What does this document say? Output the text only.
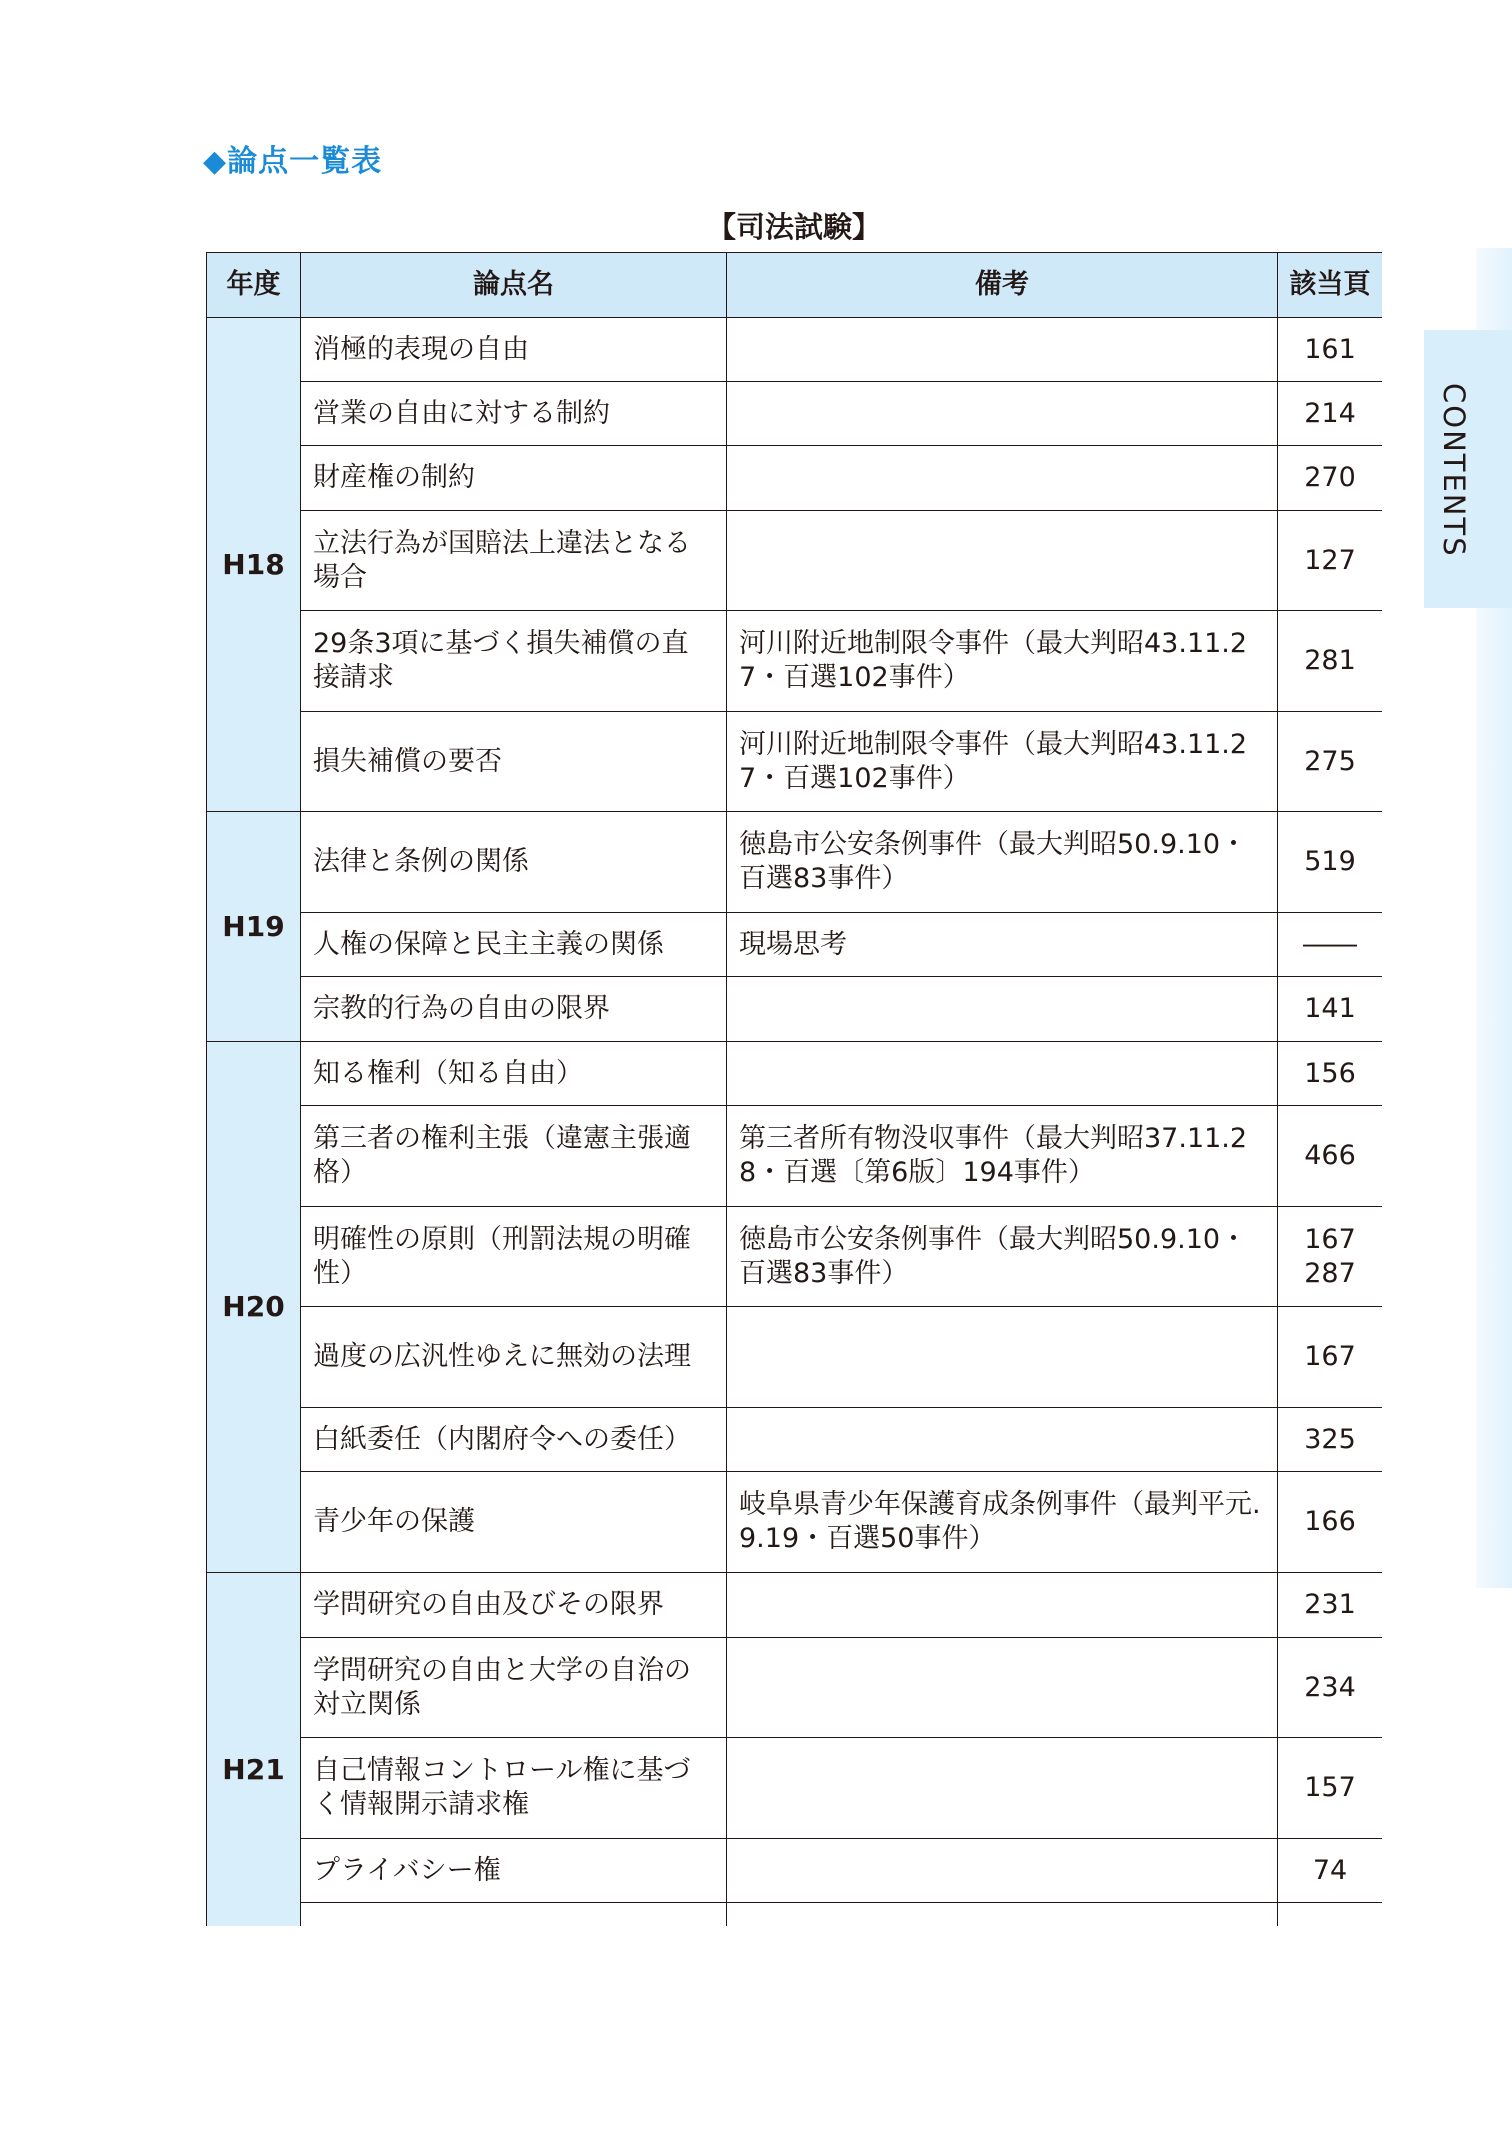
CONTENTS
◆論点一覧表
【司法試験】
年度	論点名	備考	該当頁
H18	消極的表現の自由		161

	営業の自由に対する制約		214

	財産権の制約		270

	立法行為が国賠法上違法となる場合		127

	29条3項に基づく損失補償の直接請求	河川附近地制限令事件（最大判昭43.11.27・百選102事件）	281

	損失補償の要否	河川附近地制限令事件（最大判昭43.11.27・百選102事件）	275

H19	法律と条例の関係	徳島市公安条例事件（最大判昭50.9.10・百選83事件）	519

	人権の保障と民主主義の関係	現場思考	――

	宗教的行為の自由の限界		141

H20	知る権利（知る自由）		156

	第三者の権利主張（違憲主張適格）	第三者所有物没収事件（最大判昭37.11.28・百選〔第6版〕194事件）	466

	明確性の原則（刑罰法規の明確性）	徳島市公安条例事件（最大判昭50.9.10・百選83事件）	167
287

	過度の広汎性ゆえに無効の法理		167

	白紙委任（内閣府令への委任）		325

	青少年の保護	岐阜県青少年保護育成条例事件（最判平元.9.19・百選50事件）	166

H21	学問研究の自由及びその限界		231

	学問研究の自由と大学の自治の対立関係		234

	自己情報コントロール権に基づく情報開示請求権		157

	プライバシー権		74
